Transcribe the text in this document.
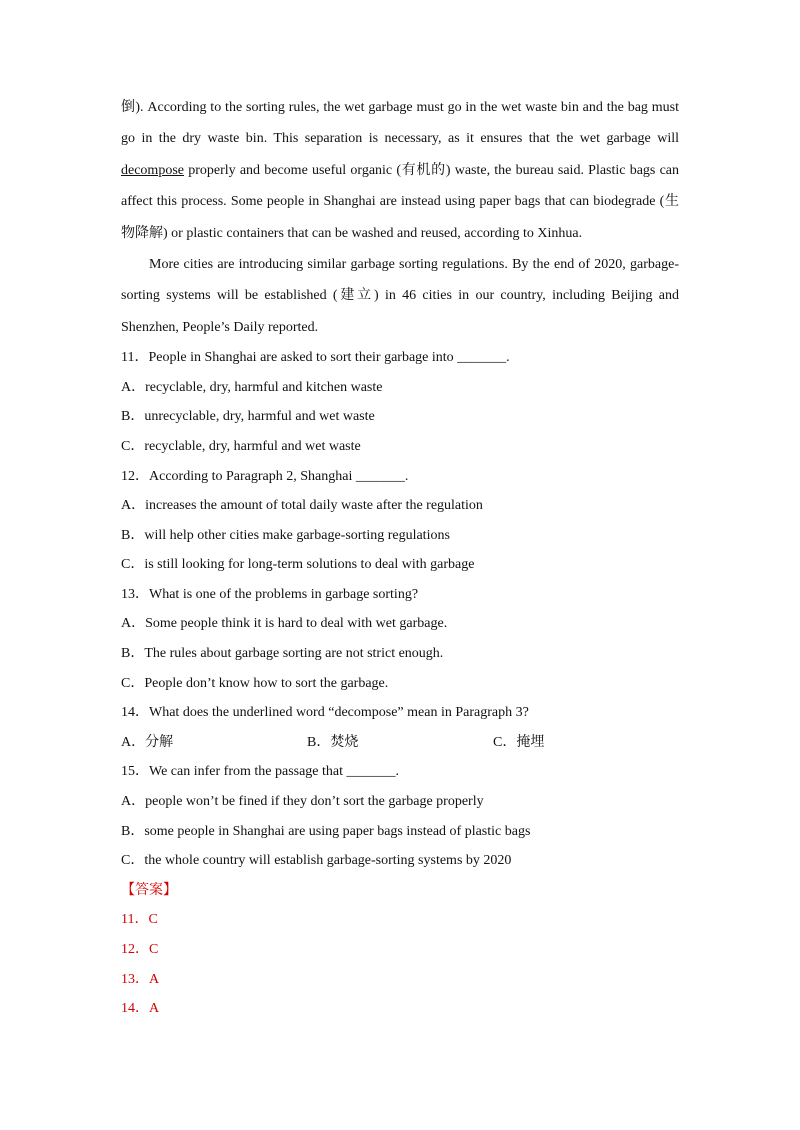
倒). According to the sorting rules, the wet garbage must go in the wet waste bin and the bag must
go in the dry waste bin. This separation is necessary, as it ensures that the wet garbage will
decompose properly and become useful organic (有机的) waste, the bureau said. Plastic bags can
affect this process. Some people in Shanghai are instead using paper bags that can biodegrade (生
物降解) or plastic containers that can be washed and reused, according to Xinhua.
More cities are introducing similar garbage sorting regulations. By the end of 2020, garbage-
sorting systems will be established (建立) in 46 cities in our country, including Beijing and
Shenzhen, People’s Daily reported.
11．People in Shanghai are asked to sort their garbage into _______.
A．recyclable, dry, harmful and kitchen waste
B．unrecyclable, dry, harmful and wet waste
C．recyclable, dry, harmful and wet waste
12．According to Paragraph 2, Shanghai _______.
A．increases the amount of total daily waste after the regulation
B．will help other cities make garbage-sorting regulations
C．is still looking for long-term solutions to deal with garbage
13．What is one of the problems in garbage sorting?
A．Some people think it is hard to deal with wet garbage.
B．The rules about garbage sorting are not strict enough.
C．People don’t know how to sort the garbage.
14．What does the underlined word “decompose” mean in Paragraph 3?
A．分解	B．焚烧	C．掩埋
15．We can infer from the passage that _______.
A．people won’t be fined if they don’t sort the garbage properly
B．some people in Shanghai are using paper bags instead of plastic bags
C．the whole country will establish garbage-sorting systems by 2020
【答案】
11．C
12．C
13．A
14．A
